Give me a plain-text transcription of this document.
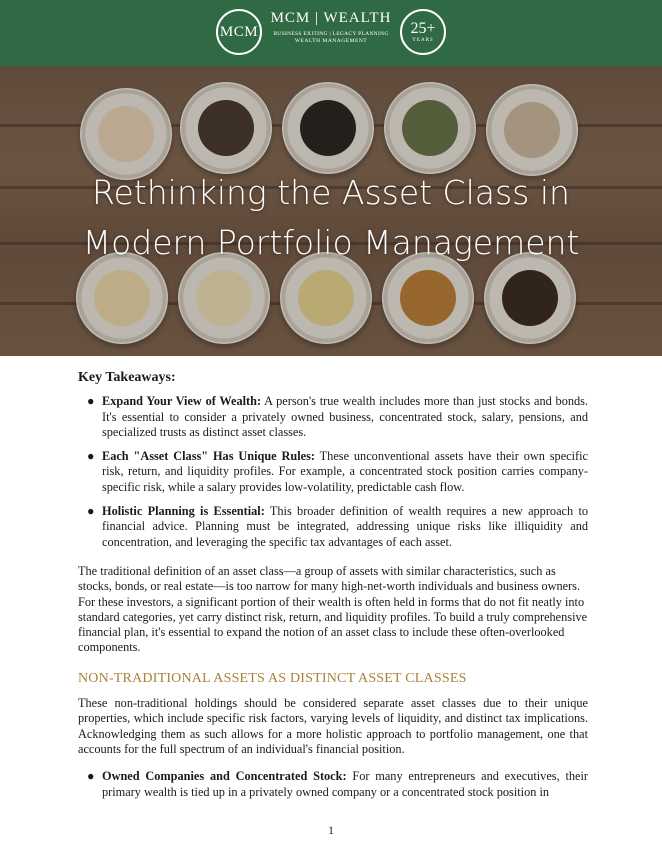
MCM
MCM | WEALTH
BUSINESS EXITING | LEGACY PLANNING
WEALTH MANAGEMENT
25+
YEARS
Rethinking the Asset Class in
Modern Portfolio Management
Key Takeaways:
● Expand Your View of Wealth: A person's true wealth includes more than just stocks and bonds. It's essential to consider a privately owned business, concentrated stock, salary, pensions, and specialized trusts as distinct asset classes.
● Each "Asset Class" Has Unique Rules: These unconventional assets have their own specific risk, return, and liquidity profiles. For example, a concentrated stock position carries company-specific risk, while a salary provides low-volatility, predictable cash flow.
● Holistic Planning is Essential: This broader definition of wealth requires a new approach to financial advice. Planning must be integrated, addressing unique risks like illiquidity and concentration, and leveraging the specific tax advantages of each asset.

The traditional definition of an asset class—a group of assets with similar characteristics, such as stocks, bonds, or real estate—is too narrow for many high-net-worth individuals and business owners. For these investors, a significant portion of their wealth is often held in forms that do not fit neatly into standard categories, yet carry distinct risk, return, and liquidity profiles. To build a truly comprehensive financial plan, it's essential to expand the notion of an asset class to include these often-overlooked components.

NON-TRADITIONAL ASSETS AS DISTINCT ASSET CLASSES

These non-traditional holdings should be considered separate asset classes due to their unique properties, which include specific risk factors, varying levels of liquidity, and distinct tax implications. Acknowledging them as such allows for a more holistic approach to portfolio management, one that accounts for the full spectrum of an individual's financial position.

● Owned Companies and Concentrated Stock: For many entrepreneurs and executives, their primary wealth is tied up in a privately owned company or a concentrated stock position in
1
